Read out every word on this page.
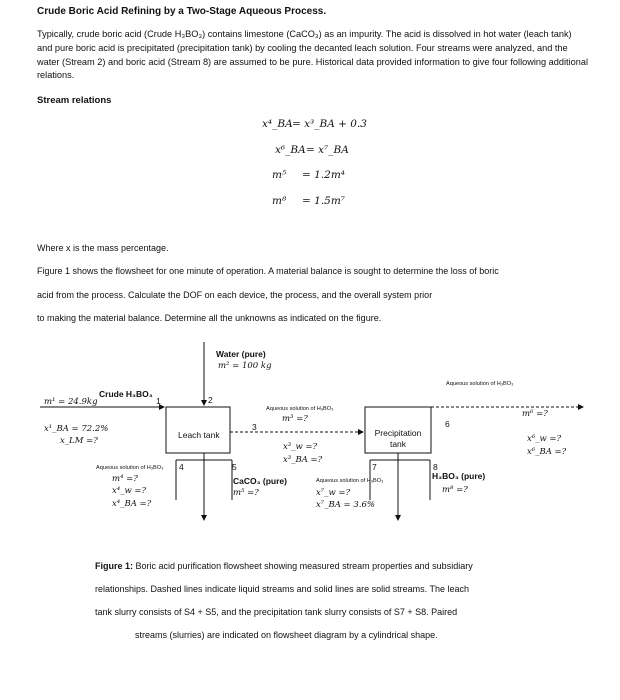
Crude Boric Acid Refining by a Two-Stage Aqueous Process.
Typically, crude boric acid (Crude H₃BO₃) contains limestone (CaCO₃) as an impurity. The acid is dissolved in hot water (leach tank) and pure boric acid is precipitated (precipitation tank) by cooling the decanted leach solution. Four streams were analyzed, and the water (Stream 2) and boric acid (Stream 8) are assumed to be pure. Historical data provided information to give four following additional relations.
Stream relations
x⁴_BA = x³_BA + 0.3
x⁶_BA = x⁷_BA
m⁵ = 1.2m⁴
m⁸ = 1.5m⁷
Where x is the mass percentage.
Figure 1 shows the flowsheet for one minute of operation. A material balance is sought to determine the loss of boric
acid from the process. Calculate the DOF on each device, the process, and the overall system prior
to making the material balance. Determine all the unknowns as indicated on the figure.
1	2
3
4	5
6
7	8
Leach tank	Precipitation tank
Crude H₃BO₃
m¹ = 24.9kg
x¹_BA = 72.2%
x_LM =?
Water (pure)
m² = 100 kg
Aqueous solution of H₃BO₃
m³ =?
x³_w =?
x³_BA =?
Aqueous solution of H₃BO₃
m⁴ =?
x⁴_w =?
x⁴_BA =?
CaCO₃ (pure)
m⁵ =?
Aqueous solution of H₃BO₃
m⁶ =?
x⁶_w =?
x⁶_BA =?
Aqueous solution of H₃BO₃
x⁷_w =?
x⁷_BA = 3.6%
H₃BO₃ (pure)
m⁸ =?
Figure 1: Boric acid purification flowsheet showing measured stream properties and subsidiary
relationships. Dashed lines indicate liquid streams and solid lines are solid streams. The leach
tank slurry consists of S4 + S5, and the precipitation tank slurry consists of S7 + S8. Paired
streams (slurries) are indicated on flowsheet diagram by a cylindrical shape.
